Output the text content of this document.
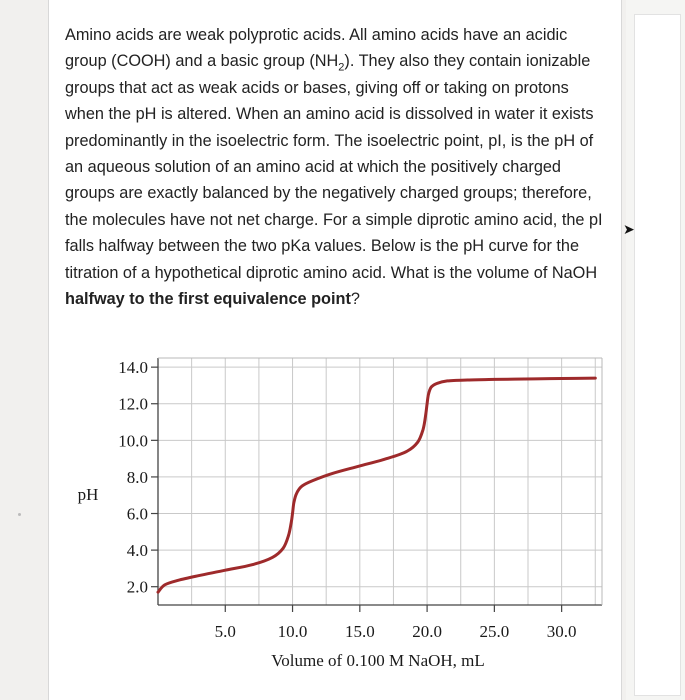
➤
Amino acids are weak polyprotic acids. All amino acids have an acidic group (COOH) and a basic group $(NH_2)$. They also they contain ionizable groups that act as weak acids or bases, giving off or taking on protons when the pH is altered. When an amino acid is dissolved in water it exists predominantly in the isoelectric form. The isoelectric point, pI, is the pH of an aqueous solution of an amino acid at which the positively charged groups are exactly balanced by the negatively charged groups; therefore, the molecules have not net charge. For a simple diprotic amino acid, the pI falls halfway between the two pKa values. Below is the pH curve for the titration of a hypothetical diprotic amino acid. What is the volume of NaOH halfway to the first equivalence point?
2.0
4.0
6.0
8.0
10.0
12.0
14.0
5.0 10.0 15.0 20.0 25.0 30.0
pH
Volume of 0.100 M NaOH, mL
